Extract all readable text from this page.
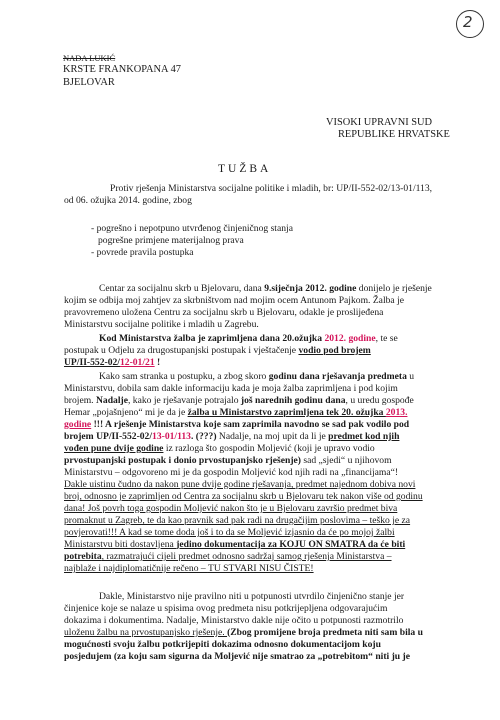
2
NADA LUKIĆ
KRSTE FRANKOPANA 47
BJELOVAR
VISOKI UPRAVNI SUD
REPUBLIKE HRVATSKE
TUŽBA
Protiv rješenja Ministarstva socijalne politike i mladih, br: UP/II-552-02/13-01/113,
od 06. ožujka 2014. godine, zbog
- pogrešno i nepotpuno utvrđenog činjeničnog stanja
pogrešne primjene materijalnog prava
- povrede pravila postupka
Centar za socijalnu skrb u Bjelovaru, dana 9.siječnja 2012. godine donijelo je rješenje
kojim se odbija moj zahtjev za skrbništvom nad mojim ocem Antunom Pajkom. Žalba je
pravovremeno uložena Centru za socijalnu skrb u Bjelovaru, odakle je proslijeđena
Ministarstvu socijalne politike i mladih u Zagrebu.
Kod Ministarstva žalba je zaprimljena dana 20.ožujka 2012. godine, te se
postupak u Odjelu za drugostupanjski postupak i vještačenje vodio pod brojem
UP/II-552-02/12-01/21 !
Kako sam stranka u postupku, a zbog skoro godinu dana rješavanja predmeta u
Ministarstvu, dobila sam dakle informaciju kada je moja žalba zaprimljena i pod kojim
brojem. Nadalje, kako je rješavanje potrajalo još narednih godinu dana, u uredu gospođe
Hemar „pojašnjeno“ mi je da je žalba u Ministarstvo zaprimljena tek 20. ožujka 2013.
godine !!! A rješenje Ministarstva koje sam zaprimila navodno se sad pak vodilo pod
brojem UP/II-552-02/13-01/113. (???) Nadalje, na moj upit da li je predmet kod njih
vođen pune dvije godine iz razloga što gospodin Moljević (koji je upravo vodio
prvostupanjski postupak i donio prvostupanjsko rješenje) sad „sjedi“ u njihovom
Ministarstvu – odgovoreno mi je da gospodin Moljević kod njih radi na „financijama“!
Dakle uistinu čudno da nakon pune dvije godine rješavanja, predmet najednom dobiva novi
broj, odnosno je zaprimljen od Centra za socijalnu skrb u Bjelovaru tek nakon više od godinu
dana! Još povrh toga gospodin Moljević nakon što je u Bjelovaru završio predmet biva
promaknut u Zagreb, te da kao pravnik sad pak radi na drugačijim poslovima – teško je za
povjerovati!!! A kad se tome doda još i to da se Moljević izjasnio da će po mojoj žalbi
Ministarstvu biti dostavljena jedino dokumentacija za KOJU ON SMATRA da će biti
potrebita, razmatrajući cijeli predmet odnosno sadržaj samog rješenja Ministarstva –
najblaže i najdiplomatičnije rečeno – TU STVARI NISU ČISTE!
Dakle, Ministarstvo nije pravilno niti u potpunosti utvrdilo činjenično stanje jer
činjenice koje se nalaze u spisima ovog predmeta nisu potkrijepljena odgovarajućim
dokazima i dokumentima. Nadalje, Ministarstvo dakle nije očito u potpunosti razmotrilo
uloženu žalbu na prvostupanjsko rješenje. (Zbog promijene broja predmeta niti sam bila u
mogućnosti svoju žalbu potkrijepiti dokazima odnosno dokumentacijom koju
posjedujem (za koju sam sigurna da Moljević nije smatrao za „potrebitom“ niti ju je
